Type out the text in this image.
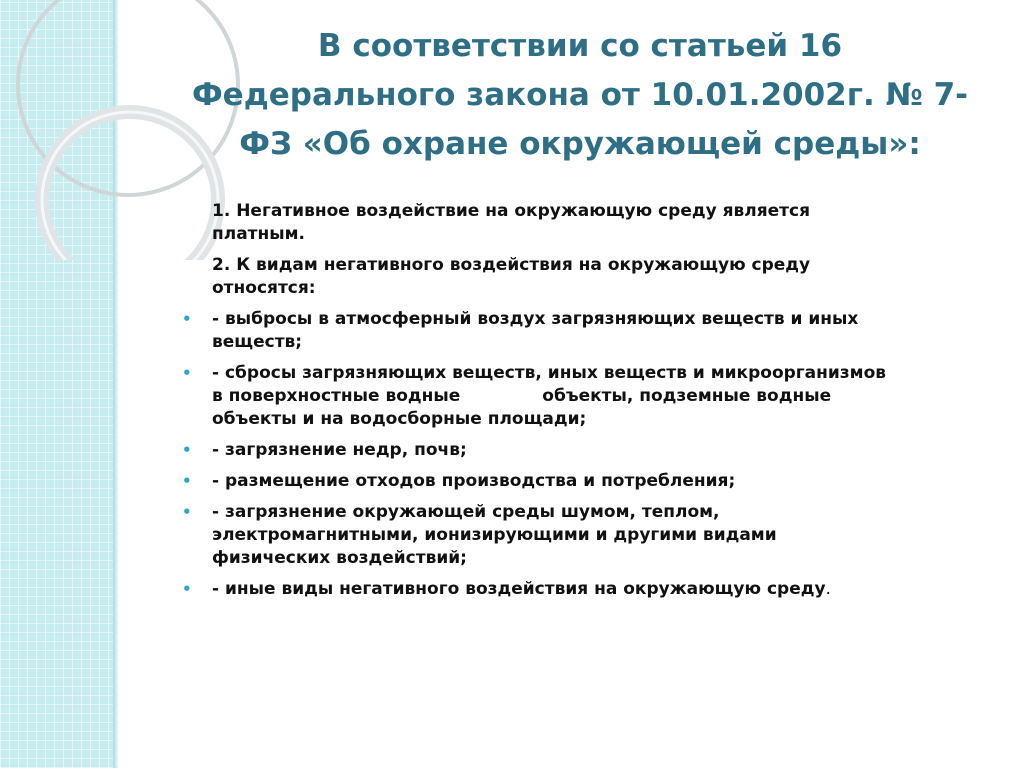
В соответствии со статьей 16
Федерального закона от 10.01.2002г. № 7-
ФЗ «Об охране окружающей среды»:
1. Негативное воздействие на окружающую среду является
платным.
2. К видам негативного воздействия на окружающую среду
относятся:
• - выбросы в атмосферный воздух загрязняющих веществ и иных
веществ;
• - сбросы загрязняющих веществ, иных веществ и микроорганизмов
в поверхностные водные	объекты, подземные водные
объекты и на водосборные площади;
• - загрязнение недр, почв;
• - размещение отходов производства и потребления;
• - загрязнение окружающей среды шумом, теплом,
электромагнитными, ионизирующими и другими видами
физических воздействий;
• - иные виды негативного воздействия на окружающую среду.
